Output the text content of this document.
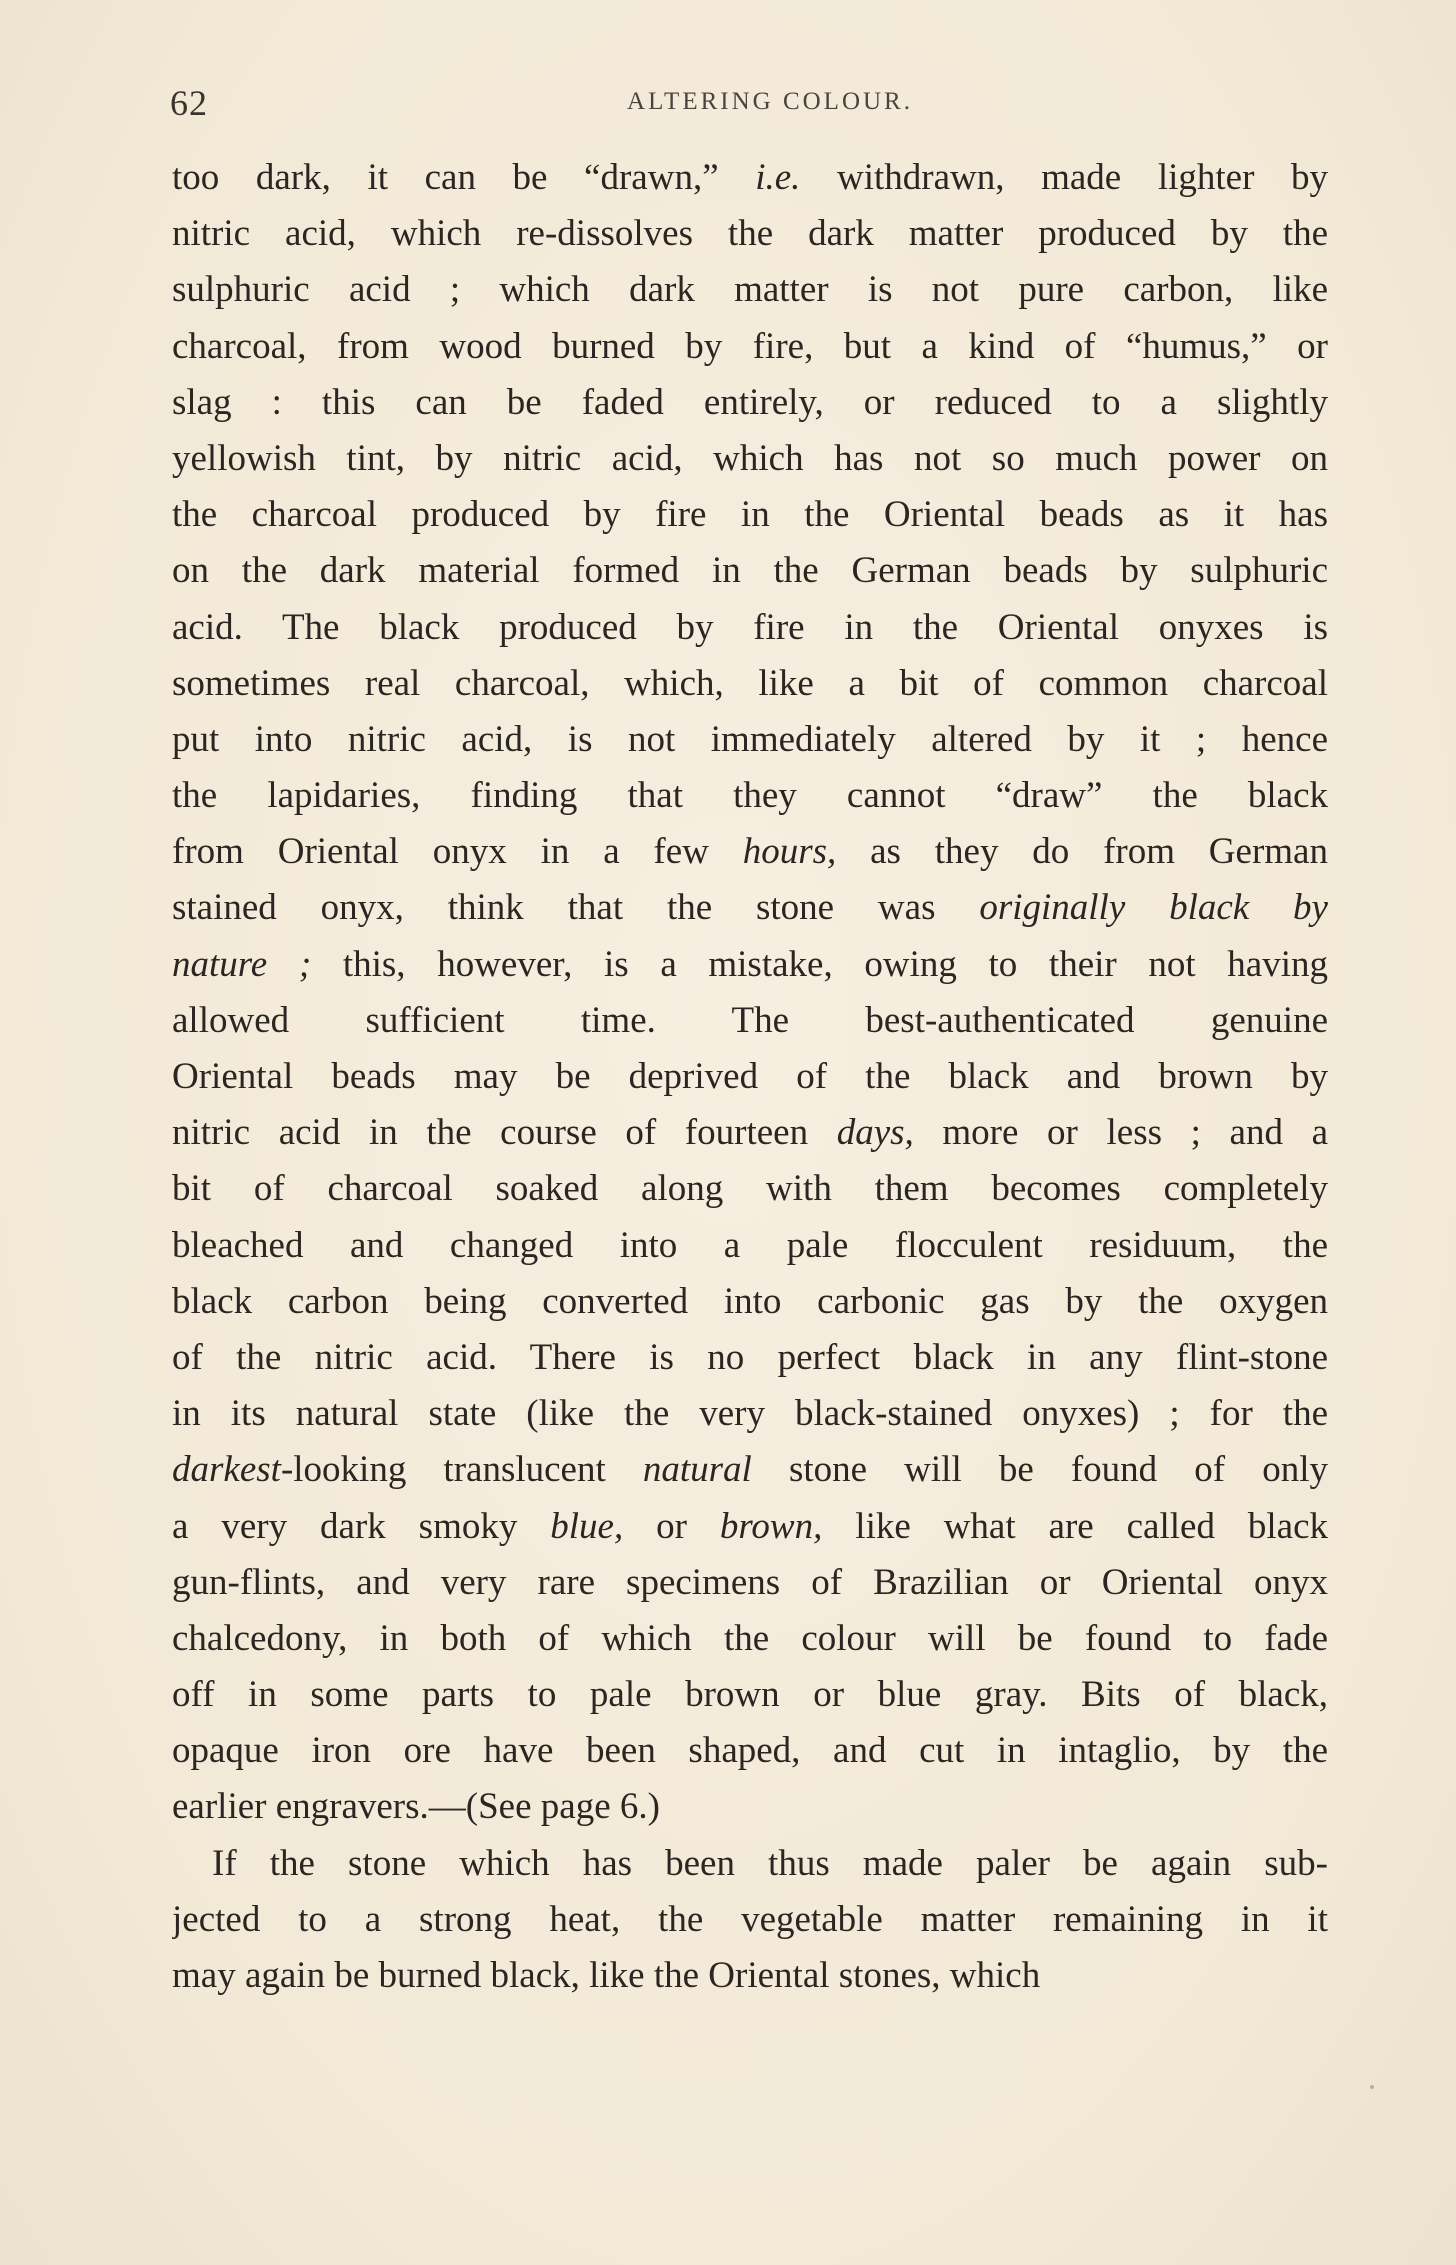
62	ALTERING COLOUR.
too dark, it can be “drawn,” i.e. withdrawn, made lighter by
nitric acid, which re-dissolves the dark matter produced by the
sulphuric acid ; which dark matter is not pure carbon, like
charcoal, from wood burned by fire, but a kind of “humus,” or
slag : this can be faded entirely, or reduced to a slightly
yellowish tint, by nitric acid, which has not so much power on
the charcoal produced by fire in the Oriental beads as it has
on the dark material formed in the German beads by sulphuric
acid. The black produced by fire in the Oriental onyxes is
sometimes real charcoal, which, like a bit of common charcoal
put into nitric acid, is not immediately altered by it ; hence
the lapidaries, finding that they cannot “draw” the black
from Oriental onyx in a few hours, as they do from German
stained onyx, think that the stone was originally black by
nature ; this, however, is a mistake, owing to their not having
allowed sufficient time. The best-authenticated genuine
Oriental beads may be deprived of the black and brown by
nitric acid in the course of fourteen days, more or less ; and a
bit of charcoal soaked along with them becomes completely
bleached and changed into a pale flocculent residuum, the
black carbon being converted into carbonic gas by the oxygen
of the nitric acid. There is no perfect black in any flint-stone
in its natural state (like the very black-stained onyxes) ; for the
darkest-looking translucent natural stone will be found of only
a very dark smoky blue, or brown, like what are called black
gun-flints, and very rare specimens of Brazilian or Oriental onyx
chalcedony, in both of which the colour will be found to fade
off in some parts to pale brown or blue gray. Bits of black,
opaque iron ore have been shaped, and cut in intaglio, by the
earlier engravers.—(See page 6.)
If the stone which has been thus made paler be again sub-
jected to a strong heat, the vegetable matter remaining in it
may again be burned black, like the Oriental stones, which
